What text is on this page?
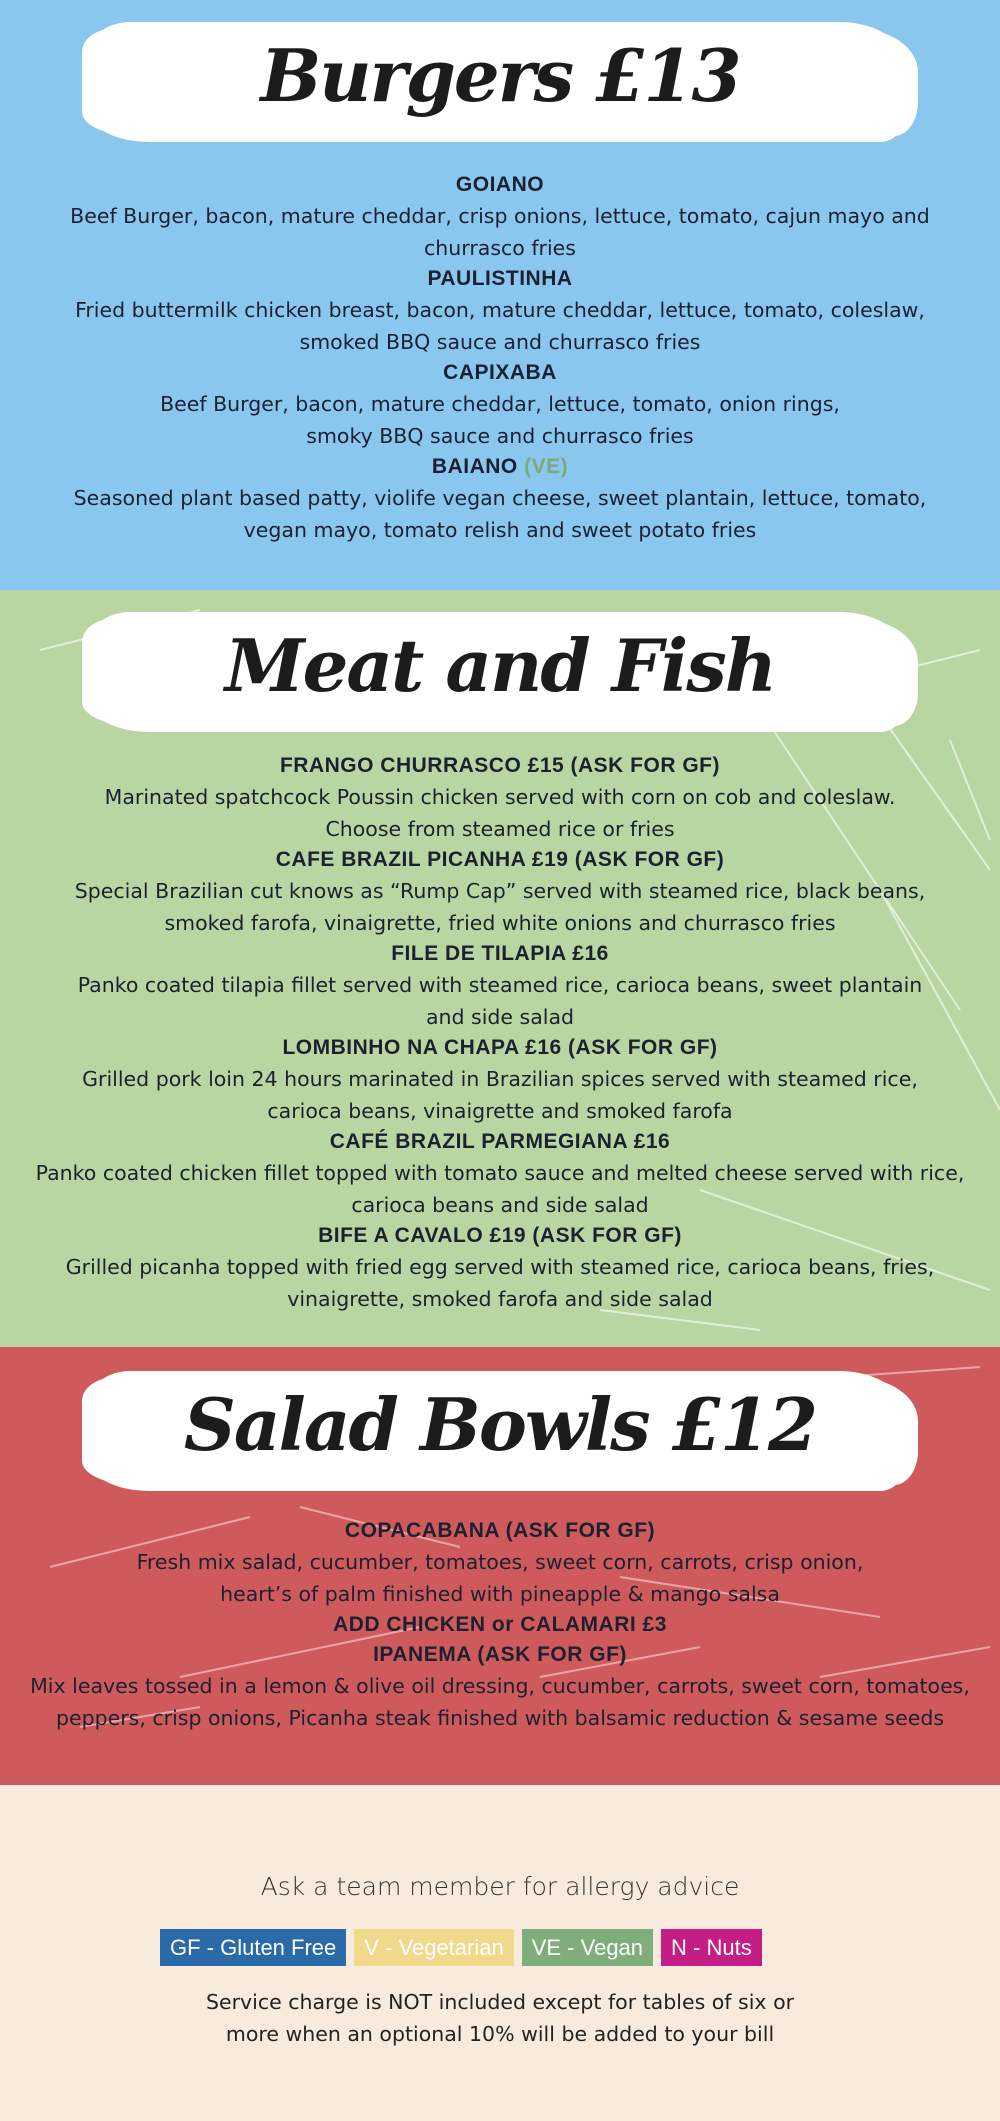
Burgers £13
GOIANO
Beef Burger, bacon, mature cheddar, crisp onions, lettuce, tomato, cajun mayo and
churrasco fries
PAULISTINHA
Fried buttermilk chicken breast, bacon, mature cheddar, lettuce, tomato, coleslaw,
smoked BBQ sauce and churrasco fries
CAPIXABA
Beef Burger, bacon, mature cheddar, lettuce, tomato, onion rings,
smoky BBQ sauce and churrasco fries
BAIANO (VE)
Seasoned plant based patty, violife vegan cheese, sweet plantain, lettuce, tomato,
vegan mayo, tomato relish and sweet potato fries
Meat and Fish
FRANGO CHURRASCO £15 (ASK FOR GF)
Marinated spatchcock Poussin chicken served with corn on cob and coleslaw.
Choose from steamed rice or fries
CAFE BRAZIL PICANHA £19 (ASK FOR GF)
Special Brazilian cut knows as “Rump Cap” served with steamed rice, black beans,
smoked farofa, vinaigrette, fried white onions and churrasco fries
FILE DE TILAPIA £16
Panko coated tilapia fillet served with steamed rice, carioca beans, sweet plantain
and side salad
LOMBINHO NA CHAPA £16 (ASK FOR GF)
Grilled pork loin 24 hours marinated in Brazilian spices served with steamed rice,
carioca beans, vinaigrette and smoked farofa
CAFÉ BRAZIL PARMEGIANA £16
Panko coated chicken fillet topped with tomato sauce and melted cheese served with rice,
carioca beans and side salad
BIFE A CAVALO £19 (ASK FOR GF)
Grilled picanha topped with fried egg served with steamed rice, carioca beans, fries,
vinaigrette, smoked farofa and side salad
Salad Bowls £12
COPACABANA (ASK FOR GF)
Fresh mix salad, cucumber, tomatoes, sweet corn, carrots, crisp onion,
heart’s of palm finished with pineapple & mango salsa
ADD CHICKEN or CALAMARI £3
IPANEMA (ASK FOR GF)
Mix leaves tossed in a lemon & olive oil dressing, cucumber, carrots, sweet corn, tomatoes,
peppers, crisp onions, Picanha steak finished with balsamic reduction & sesame seeds
Ask a team member for allergy advice
GF - Gluten Free	V - Vegetarian	VE - Vegan	N - Nuts
Service charge is NOT included except for tables of six or
more when an optional 10% will be added to your bill
